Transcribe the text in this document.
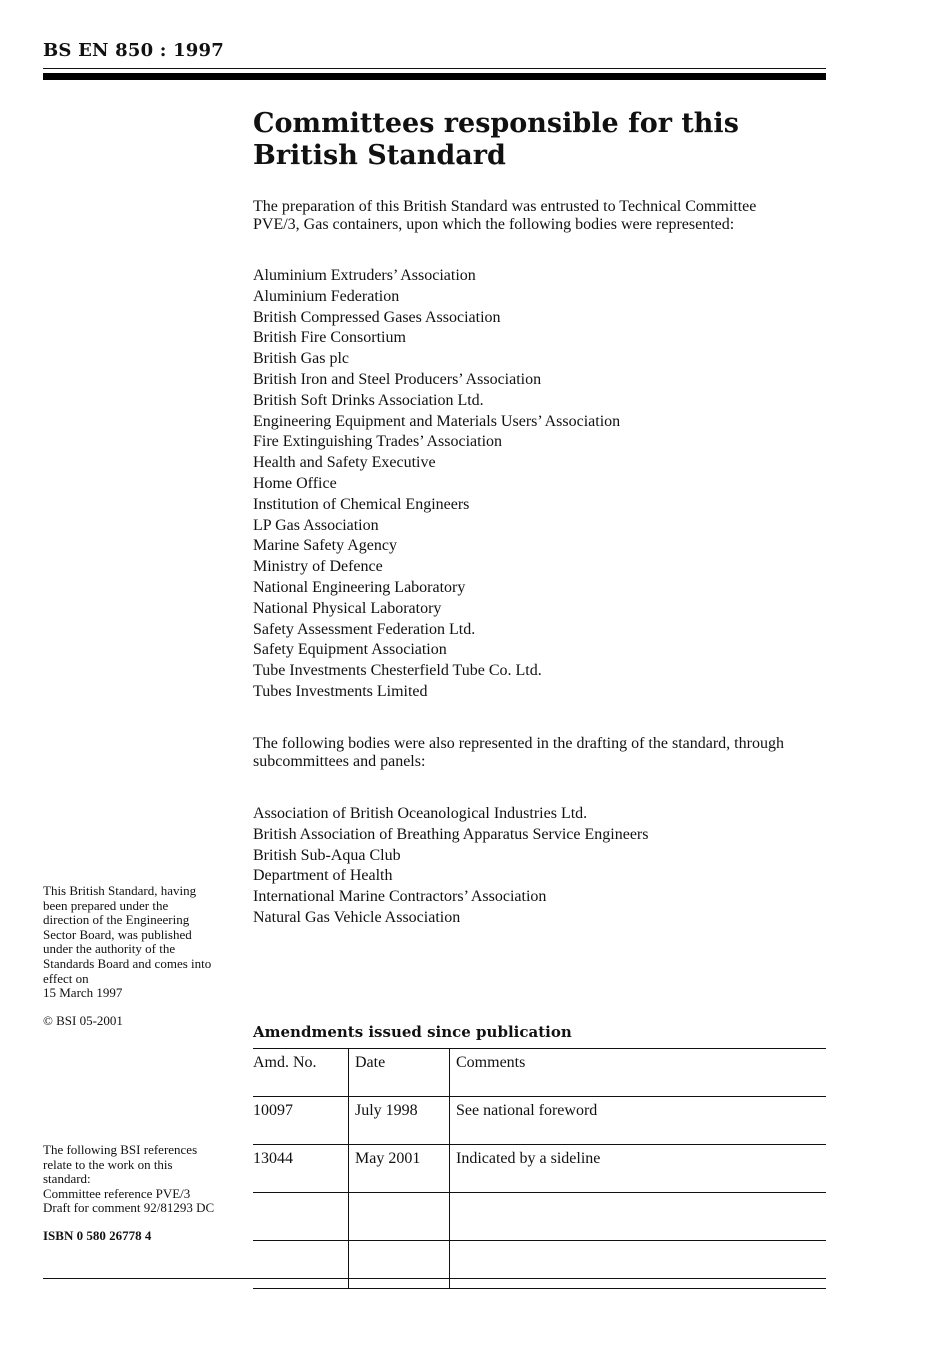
BS EN 850 : 1997
Committees responsible for this
British Standard

The preparation of this British Standard was entrusted to Technical Committee
PVE/3, Gas containers, upon which the following bodies were represented:

Aluminium Extruders’ Association
Aluminium Federation
British Compressed Gases Association
British Fire Consortium
British Gas plc
British Iron and Steel Producers’ Association
British Soft Drinks Association Ltd.
Engineering Equipment and Materials Users’ Association
Fire Extinguishing Trades’ Association
Health and Safety Executive
Home Office
Institution of Chemical Engineers
LP Gas Association
Marine Safety Agency
Ministry of Defence
National Engineering Laboratory
National Physical Laboratory
Safety Assessment Federation Ltd.
Safety Equipment Association
Tube Investments Chesterfield Tube Co. Ltd.
Tubes Investments Limited

The following bodies were also represented in the drafting of the standard, through
subcommittees and panels:

Association of British Oceanological Industries Ltd.
British Association of Breathing Apparatus Service Engineers
British Sub-Aqua Club
Department of Health
International Marine Contractors’ Association
Natural Gas Vehicle Association
This British Standard, having
been prepared under the
direction of the Engineering
Sector Board, was published
under the authority of the
Standards Board and comes into
effect on
15 March 1997
© BSI 05-2001
The following BSI references
relate to the work on this
standard:
Committee reference PVE/3
Draft for comment 92/81293 DC
ISBN 0 580 26778 4
Amendments issued since publication
Amd. No.	Date	Comments
10097	July 1998	See national foreword
13044	May 2001	Indicated by a sideline
